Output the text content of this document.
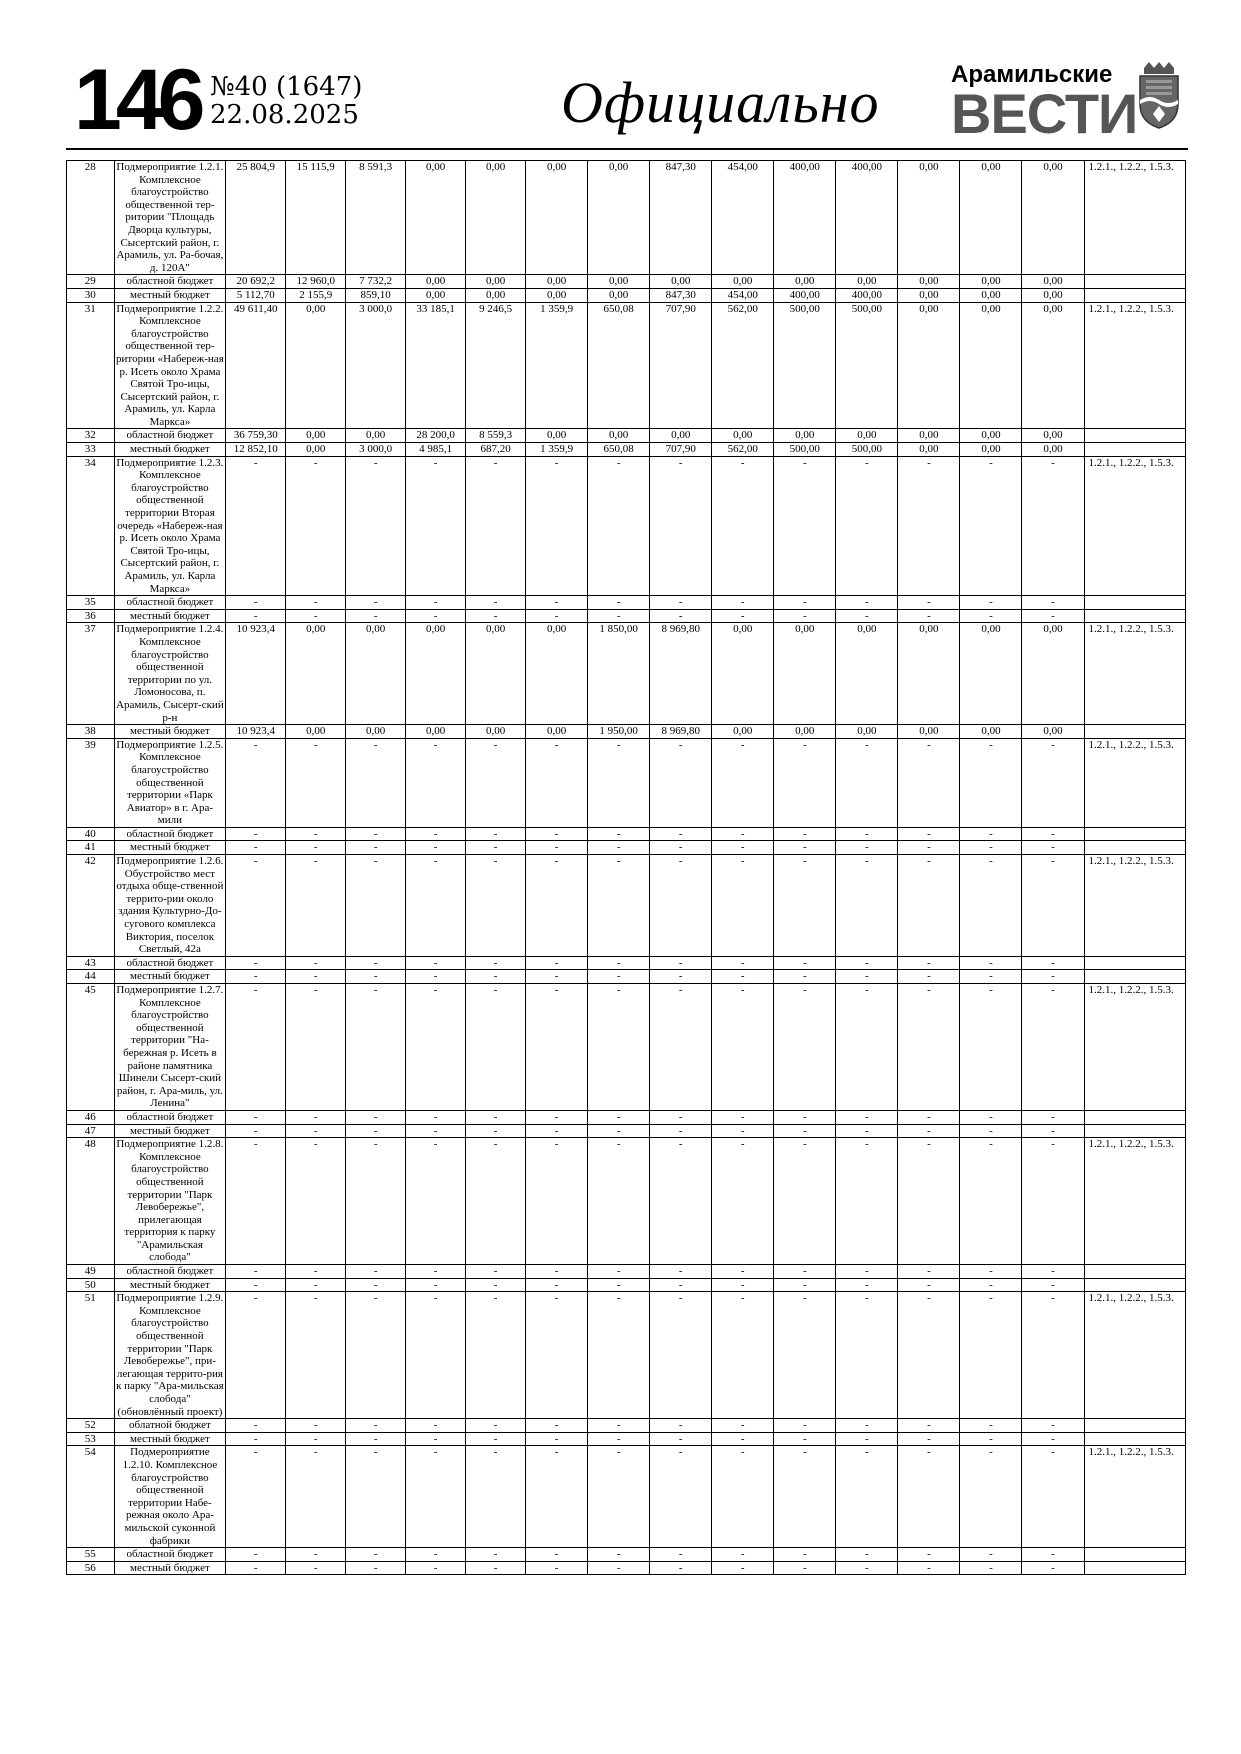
146 №40 (1647)
22.08.2025	Официально	Арамильские
ВЕСТИ
28	Подмероприятие 1.2.1. Комплексное благоустройство общественной тер-ритории "Площадь Дворца культуры, Сысертский район, г. Арамиль, ул. Ра-бочая, д. 120А"	25 804,9	15 115,9	8 591,3	0,00	0,00	0,00	0,00	847,30	454,00	400,00	400,00	0,00	0,00	0,00	1.2.1., 1.2.2., 1.5.3.
29	областной бюджет	20 692,2	12 960,0	7 732,2	0,00	0,00	0,00	0,00	0,00	0,00	0,00	0,00	0,00	0,00	0,00	
30	местный бюджет	5 112,70	2 155,9	859,10	0,00	0,00	0,00	0,00	847,30	454,00	400,00	400,00	0,00	0,00	0,00	
31	Подмероприятие 1.2.2. Комплексное благоустройство общественной тер-ритории «Набереж-ная р. Исеть около Храма Святой Тро-ицы, Сысертский район, г. Арамиль, ул. Карла Маркса»	49 611,40	0,00	3 000,0	33 185,1	9 246,5	1 359,9	650,08	707,90	562,00	500,00	500,00	0,00	0,00	0,00	1.2.1., 1.2.2., 1.5.3.
32	областной бюджет	36 759,30	0,00	0,00	28 200,0	8 559,3	0,00	0,00	0,00	0,00	0,00	0,00	0,00	0,00	0,00	
33	местный бюджет	12 852,10	0,00	3 000,0	4 985,1	687,20	1 359,9	650,08	707,90	562,00	500,00	500,00	0,00	0,00	0,00	
34	Подмероприятие 1.2.3. Комплексное благоустройство общественной территории Вторая очередь «Набереж-ная р. Исеть около Храма Святой Тро-ицы, Сысертский район, г. Арамиль, ул. Карла Маркса»	-	-	-	-	-	-	-	-	-	-	-	-	-	-	1.2.1., 1.2.2., 1.5.3.
35	областной бюджет	-	-	-	-	-	-	-	-	-	-	-	-	-	-	
36	местный бюджет	-	-	-	-	-	-	-	-	-	-	-	-	-	-	
37	Подмероприятие 1.2.4. Комплексное благоустройство общественной территории по ул. Ломоносова, п. Арамиль, Сысерт-ский р-н	10 923,4	0,00	0,00	0,00	0,00	0,00	1 850,00	8 969,80	0,00	0,00	0,00	0,00	0,00	0,00	1.2.1., 1.2.2., 1.5.3.
38	местный бюджет	10 923,4	0,00	0,00	0,00	0,00	0,00	1 950,00	8 969,80	0,00	0,00	0,00	0,00	0,00	0,00	
39	Подмероприятие 1.2.5. Комплексное благоустройство общественной территории «Парк Авиатор» в г. Ара-мили	-	-	-	-	-	-	-	-	-	-	-	-	-	-	1.2.1., 1.2.2., 1.5.3.
40	областной бюджет	-	-	-	-	-	-	-	-	-	-	-	-	-	-	
41	местный бюджет	-	-	-	-	-	-	-	-	-	-	-	-	-	-	
42	Подмероприятие 1.2.6. Обустройство мест отдыха обще-ственной террито-рии около здания Культурно-До-сугового комплекса Виктория, поселок Светлый, 42а	-	-	-	-	-	-	-	-	-	-	-	-	-	-	1.2.1., 1.2.2., 1.5.3.
43	областной бюджет	-	-	-	-	-	-	-	-	-	-	-	-	-	-	
44	местный бюджет	-	-	-	-	-	-	-	-	-	-	-	-	-	-	
45	Подмероприятие 1.2.7. Комплексное благоустройство общественной территории "На-бережная р. Исеть в районе памятника Шинели Сысерт-ский район, г. Ара-миль, ул. Ленина"	-	-	-	-	-	-	-	-	-	-	-	-	-	-	1.2.1., 1.2.2., 1.5.3.
46	областной бюджет	-	-	-	-	-	-	-	-	-	-	-	-	-	-	
47	местный бюджет	-	-	-	-	-	-	-	-	-	-	-	-	-	-	
48	Подмероприятие 1.2.8. Комплексное благоустройство общественной территории "Парк Левобережье", прилегающая территория к парку "Арамильская слобода"	-	-	-	-	-	-	-	-	-	-	-	-	-	-	1.2.1., 1.2.2., 1.5.3.
49	областной бюджет	-	-	-	-	-	-	-	-	-	-	-	-	-	-	
50	местный бюджет	-	-	-	-	-	-	-	-	-	-	-	-	-	-	
51	Подмероприятие 1.2.9. Комплексное благоустройство общественной территории "Парк Левобережье", при-легающая террито-рия к парку "Ара-мильская слобода" (обновлённый проект)	-	-	-	-	-	-	-	-	-	-	-	-	-	-	1.2.1., 1.2.2., 1.5.3.
52	облатной бюджет	-	-	-	-	-	-	-	-	-	-	-	-	-	-	
53	местный бюджет	-	-	-	-	-	-	-	-	-	-	-	-	-	-	
54	Подмероприятие 1.2.10. Комплексное благоустройство общественной территории Набе-режная около Ара-мильской суконной фабрики	-	-	-	-	-	-	-	-	-	-	-	-	-	-	1.2.1., 1.2.2., 1.5.3.
55	областной бюджет	-	-	-	-	-	-	-	-	-	-	-	-	-	-	
56	местный бюджет	-	-	-	-	-	-	-	-	-	-	-	-	-	-	
